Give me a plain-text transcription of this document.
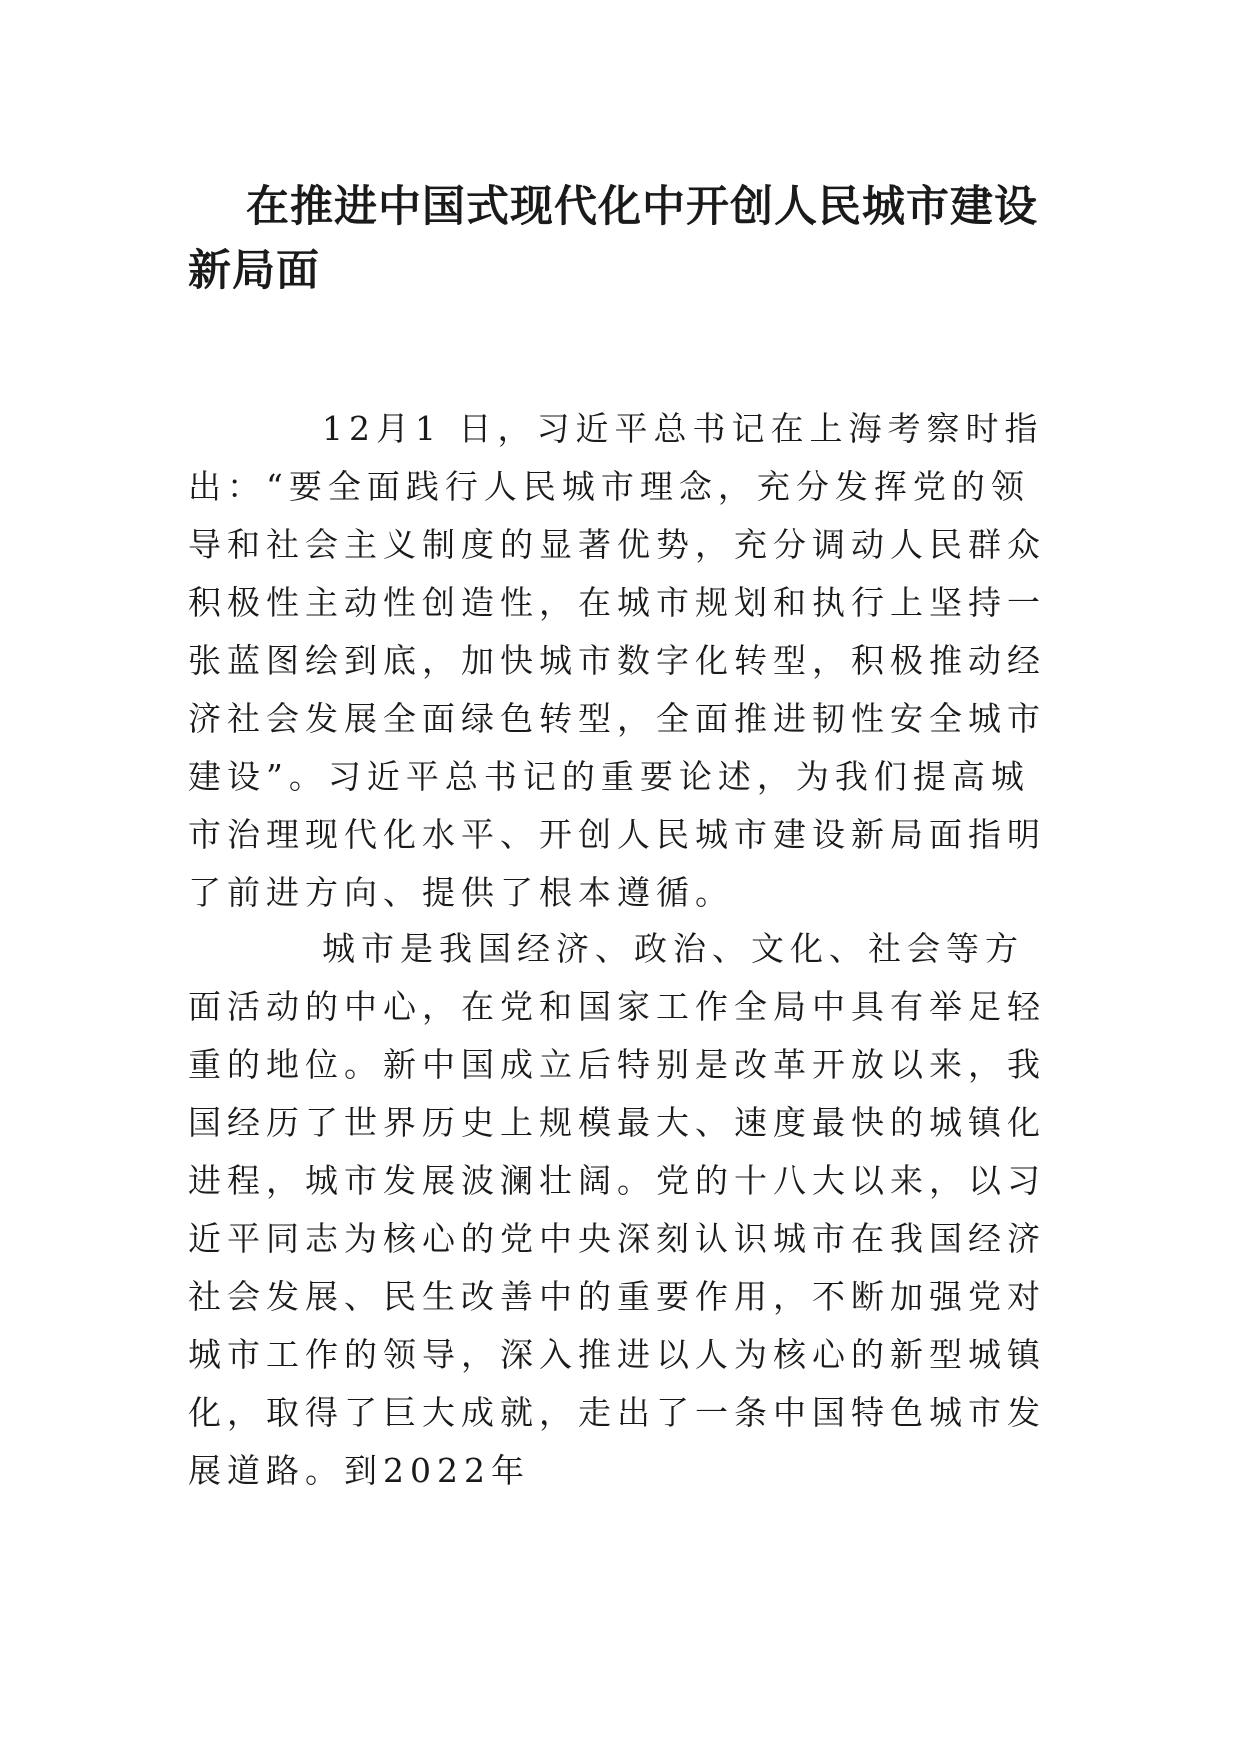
在推进中国式现代化中开创人民城市建设新局面

12月1 日，习近平总书记在上海考察时指出：“要全面践行人民城市理念，充分发挥党的领导和社会主义制度的显著优势，充分调动人民群众积极性主动性创造性，在城市规划和执行上坚持一张蓝图绘到底，加快城市数字化转型，积极推动经济社会发展全面绿色转型，全面推进韧性安全城市建设”。习近平总书记的重要论述，为我们提高城市治理现代化水平、开创人民城市建设新局面指明了前进方向、提供了根本遵循。

城市是我国经济、政治、文化、社会等方面活动的中心，在党和国家工作全局中具有举足轻重的地位。新中国成立后特别是改革开放以来，我国经历了世界历史上规模最大、速度最快的城镇化进程，城市发展波澜壮阔。党的十八大以来，以习近平同志为核心的党中央深刻认识城市在我国经济社会发展、民生改善中的重要作用，不断加强党对城市工作的领导，深入推进以人为核心的新型城镇化，取得了巨大成就，走出了一条中国特色城市发展道路。到2022年
